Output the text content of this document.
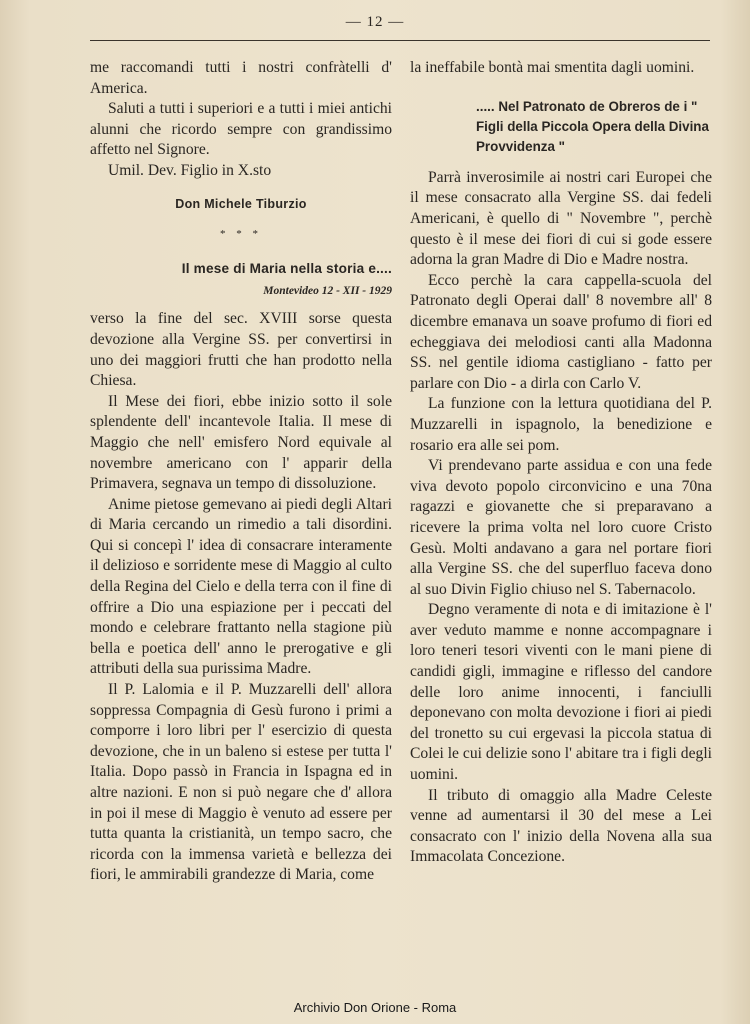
— 12 —

me raccomandi tutti i nostri confràtelli d' America.

Saluti a tutti i superiori e a tutti i miei antichi alunni che ricordo sempre con grandissimo affetto nel Signore.

Umil. Dev. Figlio in X.sto

Don Michele Tiburzio
* * *
Il mese di Maria nella storia e....
Montevideo 12 - XII - 1929

verso la fine del sec. XVIII sorse questa devozione alla Vergine SS. per convertirsi in uno dei maggiori frutti che han prodotto nella Chiesa.

Il Mese dei fiori, ebbe inizio sotto il sole splendente dell' incantevole Italia. Il mese di Maggio che nell' emisfero Nord equivale al novembre americano con l' apparir della Primavera, segnava un tempo di dissoluzione.

Anime pietose gemevano ai piedi degli Altari di Maria cercando un rimedio a tali disordini. Qui si concepì l' idea di consacrare interamente il delizioso e sorridente mese di Maggio al culto della Regina del Cielo e della terra con il fine di offrire a Dio una espiazione per i peccati del mondo e celebrare frattanto nella stagione più bella e poetica dell' anno le prerogative e gli attributi della sua purissima Madre.

Il P. Lalomia e il P. Muzzarelli dell' allora soppressa Compagnia di Gesù furono i primi a comporre i loro libri per l' esercizio di questa devozione, che in un baleno si estese per tutta l' Italia. Dopo passò in Francia in Ispagna ed in altre nazioni. E non si può negare che d' allora in poi il mese di Maggio è venuto ad essere per tutta quanta la cristianità, un tempo sacro, che ricorda con la immensa varietà e bellezza dei fiori, le ammirabili grandezze di Maria, come

la ineffabile bontà mai smentita dagli uomini.

..... Nel Patronato de Obreros de i " Figli della Piccola Opera della Divina Provvidenza "

Parrà inverosimile ai nostri cari Europei che il mese consacrato alla Vergine SS. dai fedeli Americani, è quello di " Novembre ", perchè questo è il mese dei fiori di cui si gode essere adorna la gran Madre di Dio e Madre nostra.

Ecco perchè la cara cappella-scuola del Patronato degli Operai dall' 8 novembre all' 8 dicembre emanava un soave profumo di fiori ed echeggiava dei melodiosi canti alla Madonna SS. nel gentile idioma castigliano - fatto per parlare con Dio - a dirla con Carlo V.

La funzione con la lettura quotidiana del P. Muzzarelli in ispagnolo, la benedizione e rosario era alle sei pom.

Vi prendevano parte assidua e con una fede viva devoto popolo circonvicino e una 70na ragazzi e giovanette che si preparavano a ricevere la prima volta nel loro cuore Cristo Gesù. Molti andavano a gara nel portare fiori alla Vergine SS. che del superfluo faceva dono al suo Divin Figlio chiuso nel S. Tabernacolo.

Degno veramente di nota e di imitazione è l' aver veduto mamme e nonne accompagnare i loro teneri tesori viventi con le mani piene di candidi gigli, immagine e riflesso del candore delle loro anime innocenti, i fanciulli deponevano con molta devozione i fiori ai piedi del tronetto su cui ergevasi la piccola statua di Colei le cui delizie sono l' abitare tra i figli degli uomini.

Il tributo di omaggio alla Madre Celeste venne ad aumentarsi il 30 del mese a Lei consacrato con l' inizio della Novena alla sua Immacolata Concezione.

Archivio Don Orione - Roma
